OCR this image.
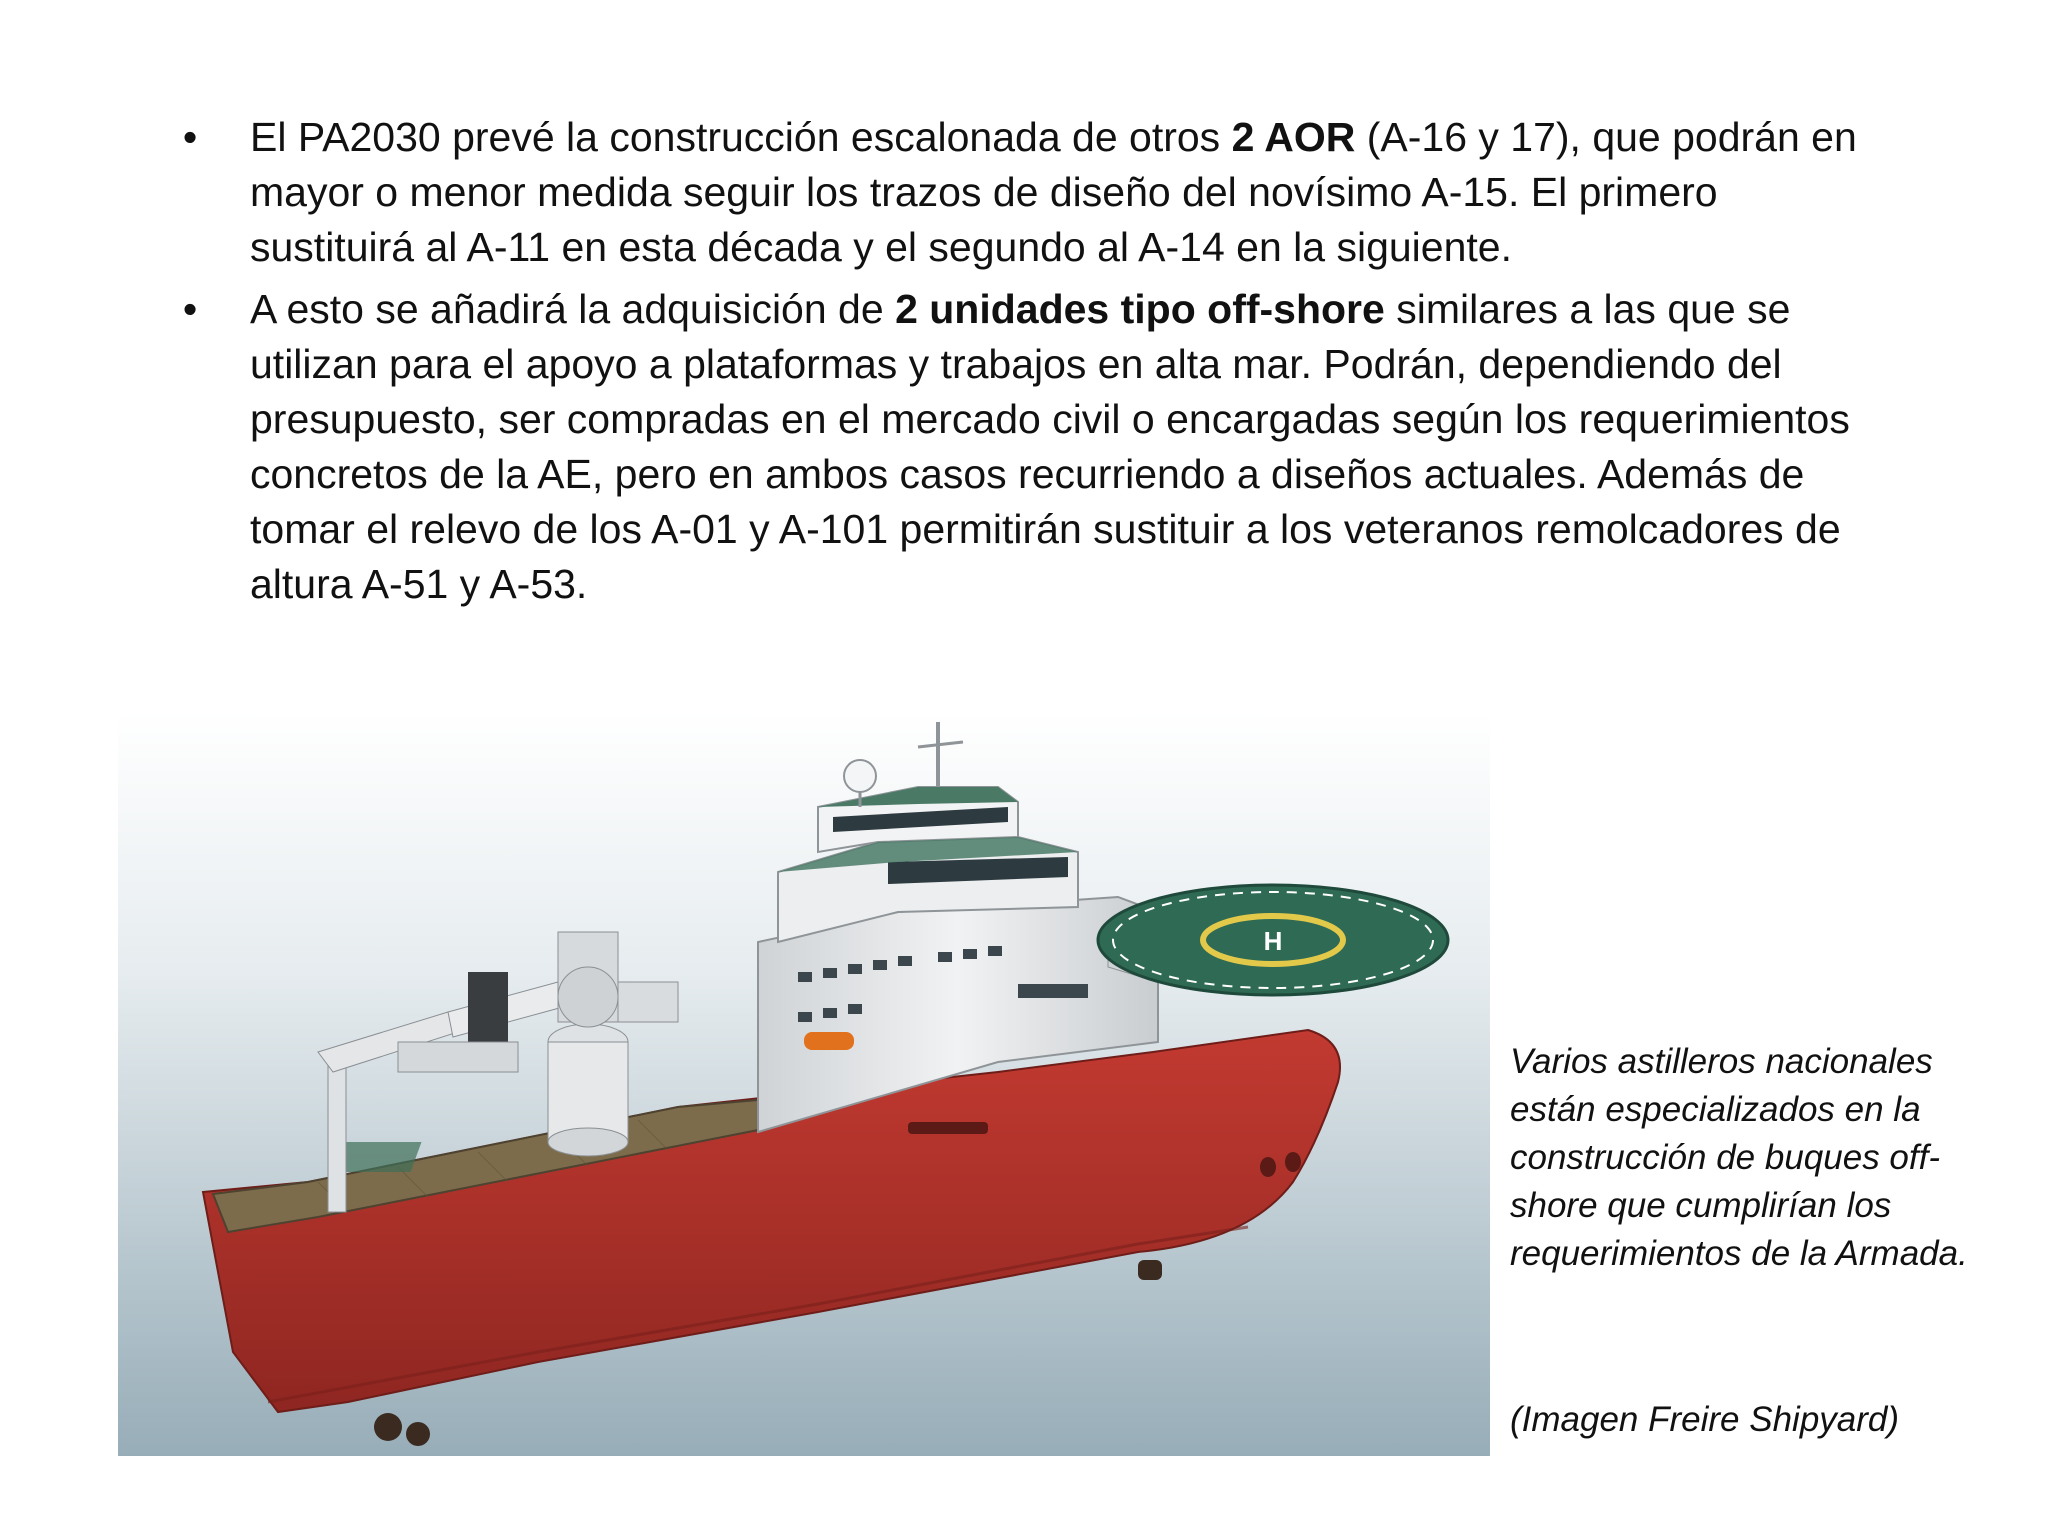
•	El PA2030 prevé la construcción escalonada de otros 2 AOR (A-16 y 17), que podrán en mayor o menor medida seguir los trazos de diseño del novísimo A-15. El primero sustituirá al A-11 en esta década y el segundo al A-14 en la siguiente.
•	A esto se añadirá la adquisición de 2 unidades tipo off-shore similares a las que se utilizan para el apoyo a plataformas y trabajos en alta mar. Podrán, dependiendo del presupuesto, ser compradas en el mercado civil o encargadas según los requerimientos concretos de la AE, pero en ambos casos recurriendo a diseños actuales. Además de tomar el relevo de los A-01 y A-101 permitirán sustituir a los veteranos remolcadores de altura A-51 y A-53.
H
Varios astilleros nacionales están especializados en la construcción de buques off-shore que cumplirían los requerimientos de la Armada.
(Imagen Freire Shipyard)
